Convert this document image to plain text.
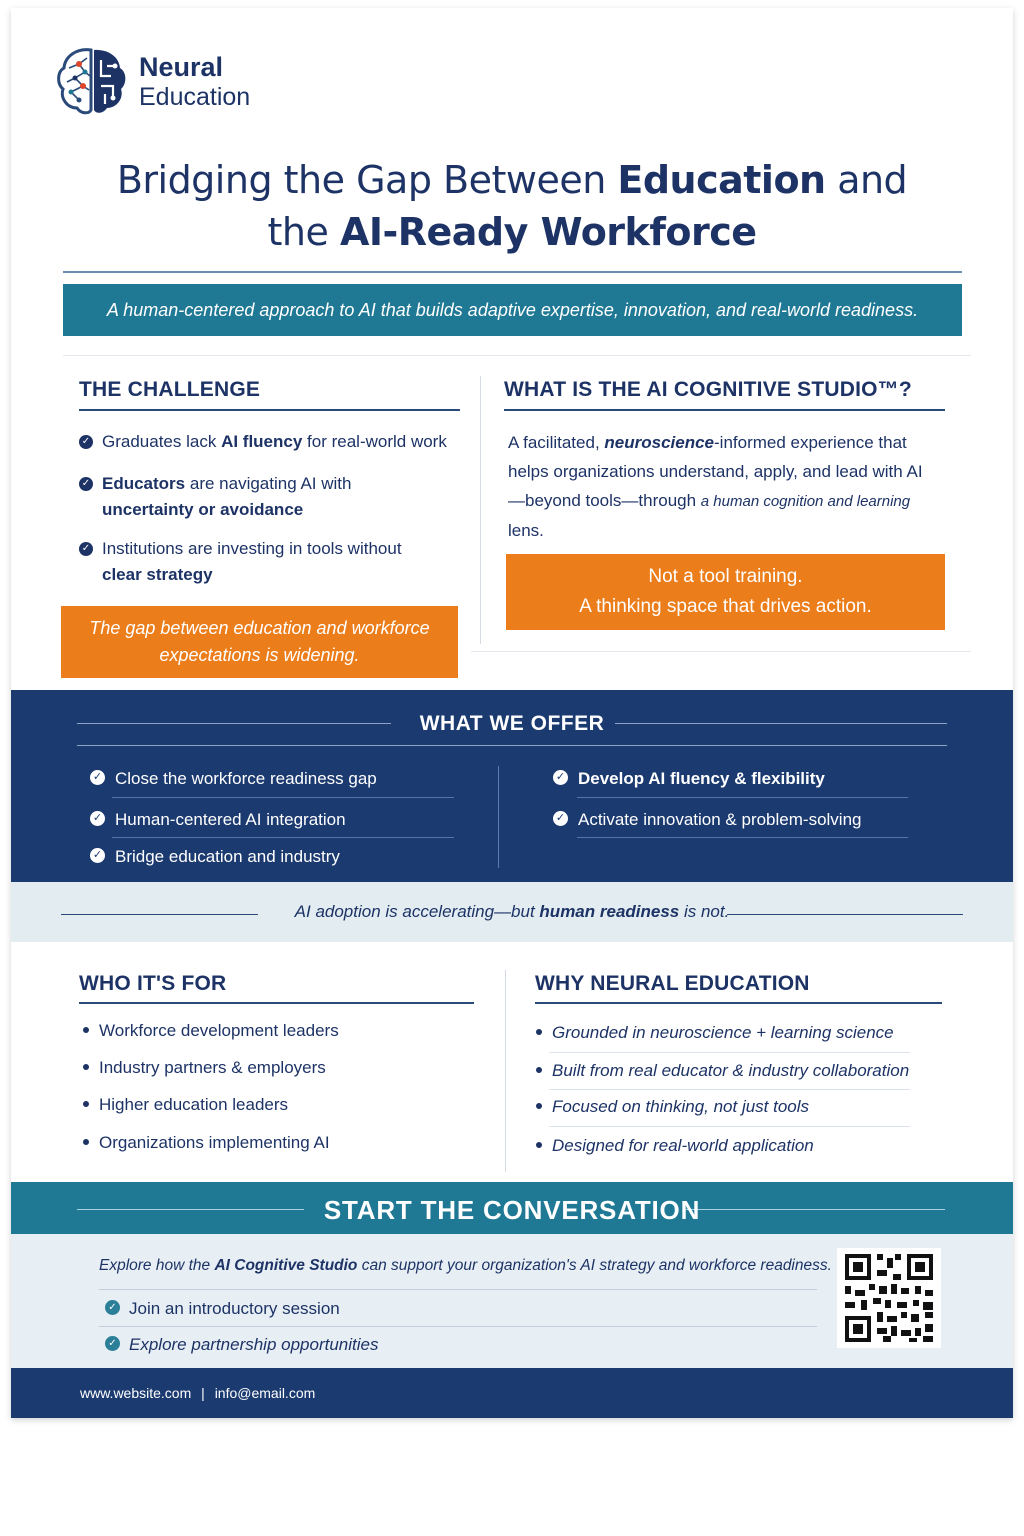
Neural
Education
Bridging the Gap Between Education and
the AI-Ready Workforce
A human-centered approach to AI that builds adaptive expertise, innovation, and real-world readiness.
THE CHALLENGE
✓ Graduates lack AI fluency for real-world work
✓ Educators are navigating AI with
uncertainty or avoidance
✓ Institutions are investing in tools without
clear strategy
The gap between education and workforce expectations is widening.
WHAT IS THE AI COGNITIVE STUDIO™?
A facilitated, neuroscience-informed experience that helps organizations understand, apply, and lead with AI—beyond tools—through a human cognition and learning lens.
Not a tool training.
A thinking space that drives action.
WHAT WE OFFER
✓ Close the workforce readiness gap
✓ Human-centered AI integration
✓ Bridge education and industry
✓ Develop AI fluency & flexibility
✓ Activate innovation & problem-solving
AI adoption is accelerating—but human readiness is not.
WHO IT'S FOR
Workforce development leaders
Industry partners & employers
Higher education leaders
Organizations implementing AI
WHY NEURAL EDUCATION
Grounded in neuroscience + learning science
Built from real educator & industry collaboration
Focused on thinking, not just tools
Designed for real-world application
START THE CONVERSATION
Explore how the AI Cognitive Studio can support your organization's AI strategy and workforce readiness.
✓ Join an introductory session
✓ Explore partnership opportunities
www.website.com | info@email.com
